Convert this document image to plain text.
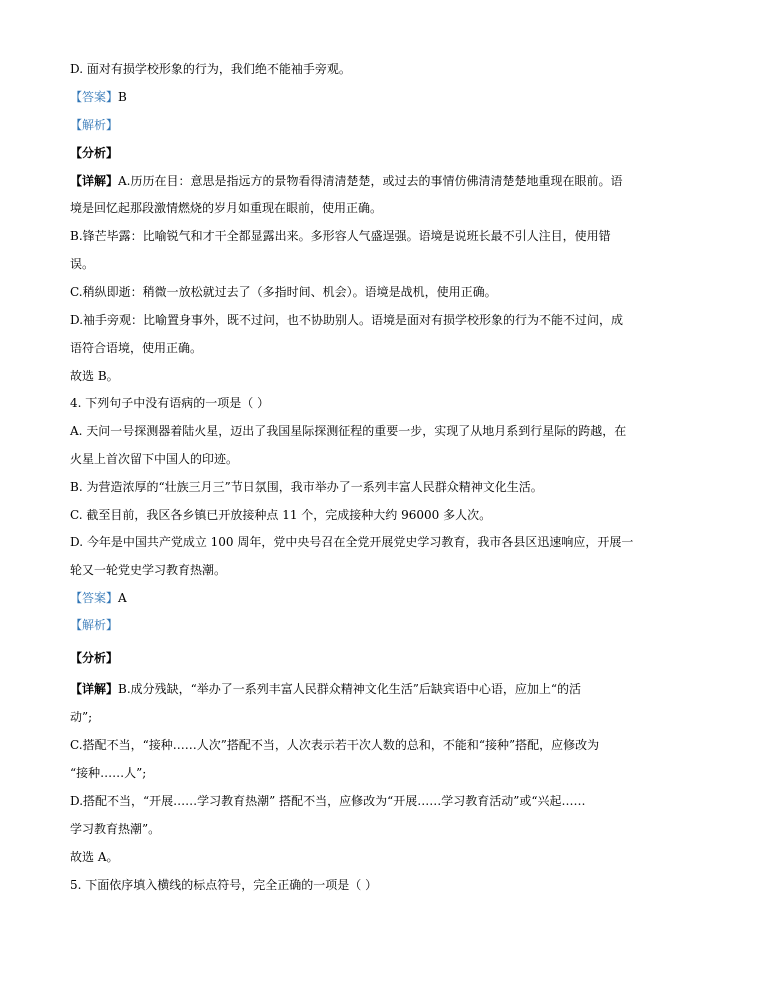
D. 面对有损学校形象的行为，我们绝不能袖手旁观。
【答案】B
【解析】
【分析】
【详解】A.历历在目：意思是指远方的景物看得清清楚楚，或过去的事情仿佛清清楚楚地重现在眼前。语
境是回忆起那段激情燃烧的岁月如重现在眼前，使用正确。
B.锋芒毕露：比喻锐气和才干全都显露出来。多形容人气盛逞强。语境是说班长最不引人注目，使用错
误。
C.稍纵即逝：稍微一放松就过去了（多指时间、机会）。语境是战机，使用正确。
D.袖手旁观：比喻置身事外，既不过问，也不协助别人。语境是面对有损学校形象的行为不能不过问，成
语符合语境，使用正确。
故选 B。
4. 下列句子中没有语病的一项是（ ）
A. 天问一号探测器着陆火星，迈出了我国星际探测征程的重要一步，实现了从地月系到行星际的跨越，在
火星上首次留下中国人的印迹。
B. 为营造浓厚的“壮族三月三”节日氛围，我市举办了一系列丰富人民群众精神文化生活。
C. 截至目前，我区各乡镇已开放接种点 11 个，完成接种大约 96000 多人次。
D. 今年是中国共产党成立 100 周年，党中央号召在全党开展党史学习教育，我市各县区迅速响应，开展一
轮又一轮党史学习教育热潮。
【答案】A
【解析】
【分析】
【详解】B.成分残缺，“举办了一系列丰富人民群众精神文化生活”后缺宾语中心语，应加上“的活
动”;
C.搭配不当，“接种……人次”搭配不当，人次表示若干次人数的总和，不能和“接种”搭配，应修改为
“接种……人”;
D.搭配不当，“开展……学习教育热潮” 搭配不当，应修改为“开展……学习教育活动”或“兴起……
学习教育热潮”。
故选 A。
5. 下面依序填入横线的标点符号，完全正确的一项是（ ）
